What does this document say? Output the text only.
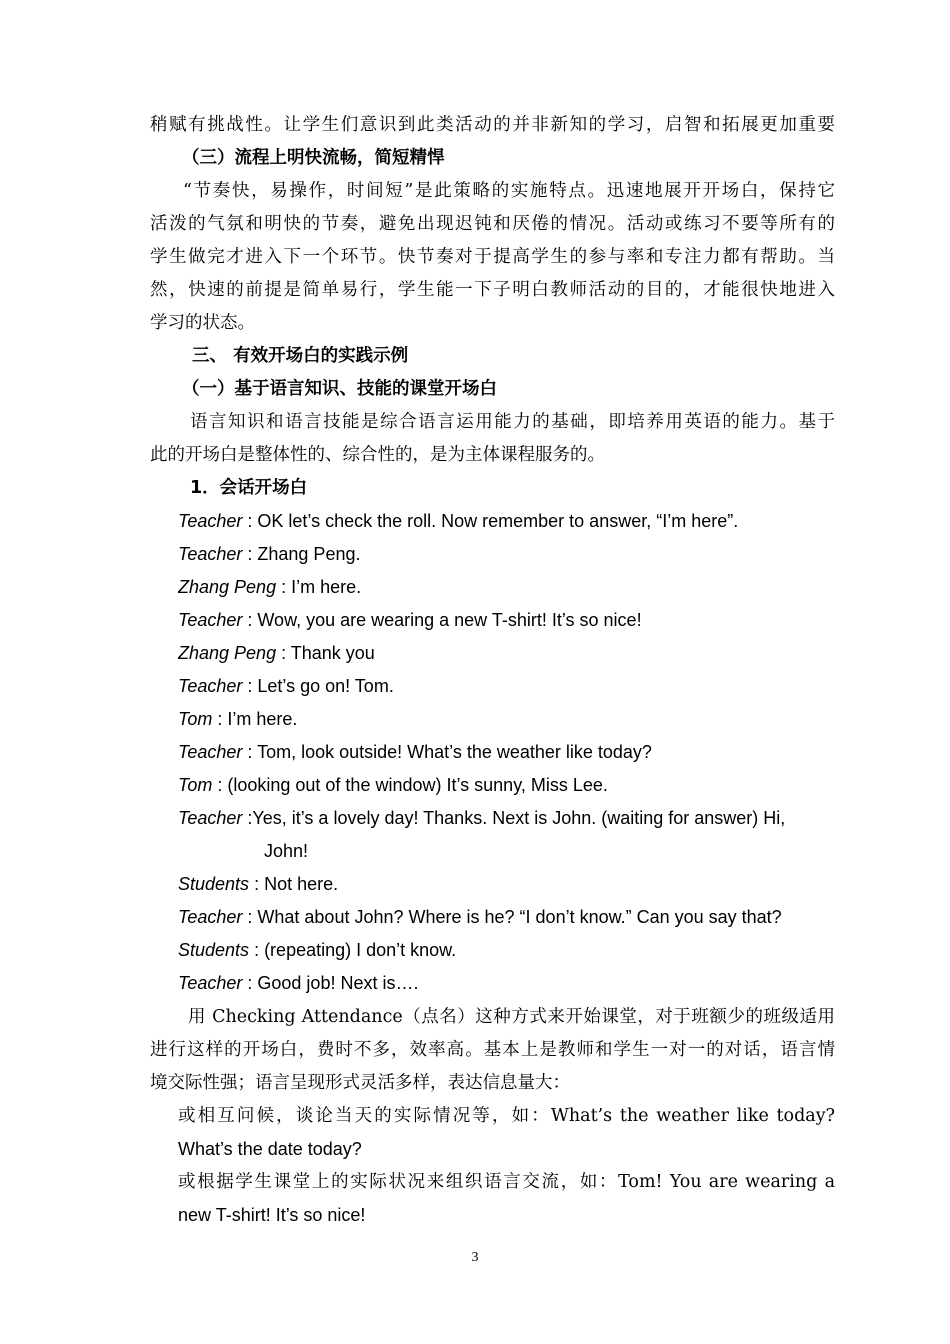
稍赋有挑战性。让学生们意识到此类活动的并非新知的学习，启智和拓展更加重要
（三）流程上明快流畅，简短精悍
“节奏快，易操作，时间短”是此策略的实施特点。迅速地展开开场白，保持它
活泼的气氛和明快的节奏，避免出现迟钝和厌倦的情况。活动或练习不要等所有的
学生做完才进入下一个环节。快节奏对于提高学生的参与率和专注力都有帮助。当
然，快速的前提是简单易行，学生能一下子明白教师活动的目的，才能很快地进入
学习的状态。
三、 有效开场白的实践示例
（一）基于语言知识、技能的课堂开场白
语言知识和语言技能是综合语言运用能力的基础，即培养用英语的能力。基于
此的开场白是整体性的、综合性的，是为主体课程服务的。
1．会话开场白
Teacher : OK let’s check the roll. Now remember to answer, “I’m here”.
Teacher : Zhang Peng.
Zhang Peng : I’m here.
Teacher : Wow, you are wearing a new T-shirt! It’s so nice!
Zhang Peng : Thank you
Teacher : Let’s go on! Tom.
Tom : I’m here.
Teacher : Tom, look outside! What’s the weather like today?
Tom : (looking out of the window) It’s sunny, Miss Lee.
Teacher :Yes, it’s a lovely day! Thanks. Next is John. (waiting for answer) Hi,
John!
Students : Not here.
Teacher : What about John? Where is he? “I don’t know.” Can you say that?
Students : (repeating) I don’t know.
Teacher : Good job! Next is….
用 Checking Attendance（点名）这种方式来开始课堂，对于班额少的班级适用
进行这样的开场白，费时不多，效率高。基本上是教师和学生一对一的对话，语言情
境交际性强；语言呈现形式灵活多样，表达信息量大：
或相互问候，谈论当天的实际情况等，如：What’s the weather like today?
What’s the date today?
或根据学生课堂上的实际状况来组织语言交流，如：Tom! You are wearing a
new T-shirt! It’s so nice!
3
